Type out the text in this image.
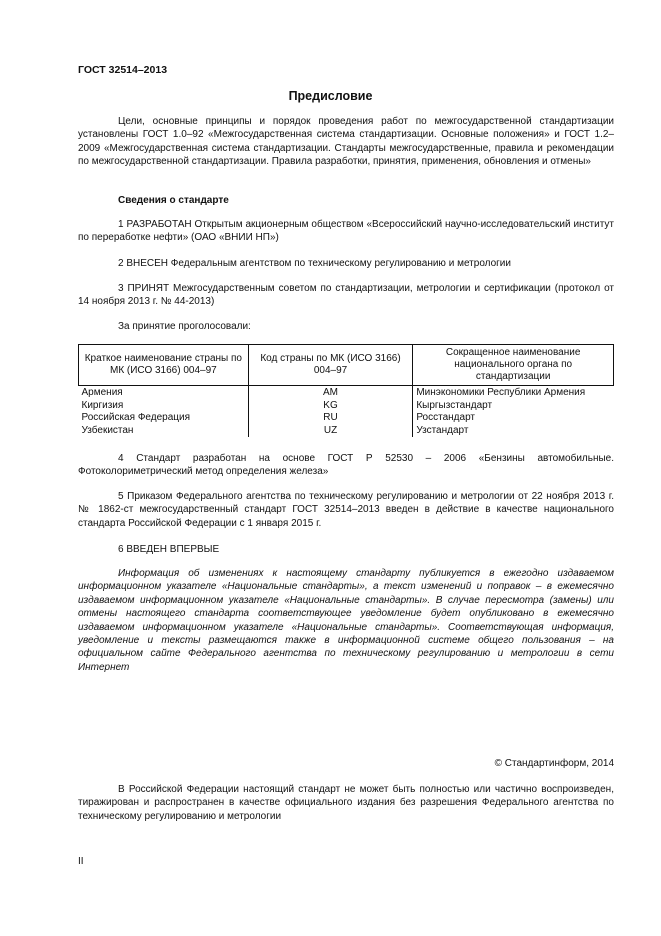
ГОСТ 32514–2013
Предисловие

Цели, основные принципы и порядок проведения работ по межгосударственной стандартизации установлены ГОСТ 1.0–92 «Межгосударственная система стандартизации. Основные положения» и ГОСТ 1.2–2009 «Межгосударственная система стандартизации. Стандарты межгосударственные, правила и рекомендации по межгосударственной стандартизации. Правила разработки, принятия, применения, обновления и отмены»

Сведения о стандарте

1 РАЗРАБОТАН Открытым акционерным обществом «Всероссийский научно-исследовательский институт по переработке нефти» (ОАО «ВНИИ НП»)

2 ВНЕСЕН Федеральным агентством по техническому регулированию и метрологии

3 ПРИНЯТ Межгосударственным советом по стандартизации, метрологии и сертификации (протокол от 14 ноября 2013 г. № 44-2013)

За принятие проголосовали:

Краткое наименование страны по МК (ИСО 3166) 004–97	Код страны по МК (ИСО 3166) 004–97	Сокращенное наименование национального органа по стандартизации
Армения	AM	Минэкономики Республики Армения
Киргизия	KG	Кыргызстандарт
Российская Федерация	RU	Росстандарт
Узбекистан	UZ	Узстандарт

4 Стандарт разработан на основе ГОСТ Р 52530 – 2006 «Бензины автомобильные. Фотоколориметрический метод определения железа»

5 Приказом Федерального агентства по техническому регулированию и метрологии от 22 ноября 2013 г. № 1862-ст межгосударственный стандарт ГОСТ 32514–2013 введен в действие в качестве национального стандарта Российской Федерации с 1 января 2015 г.

6 ВВЕДЕН ВПЕРВЫЕ

Информация об изменениях к настоящему стандарту публикуется в ежегодно издаваемом информационном указателе «Национальные стандарты», а текст изменений и поправок – в ежемесячно издаваемом информационном указателе «Национальные стандарты». В случае пересмотра (замены) или отмены настоящего стандарта соответствующее уведомление будет опубликовано в ежемесячно издаваемом информационном указателе «Национальные стандарты». Соответствующая информация, уведомление и тексты размещаются также в информационной системе общего пользования – на официальном сайте Федерального агентства по техническому регулированию и метрологии в сети Интернет

© Стандартинформ, 2014

В Российской Федерации настоящий стандарт не может быть полностью или частично воспроизведен, тиражирован и распространен в качестве официального издания без разрешения Федерального агентства по техническому регулированию и метрологии

II
